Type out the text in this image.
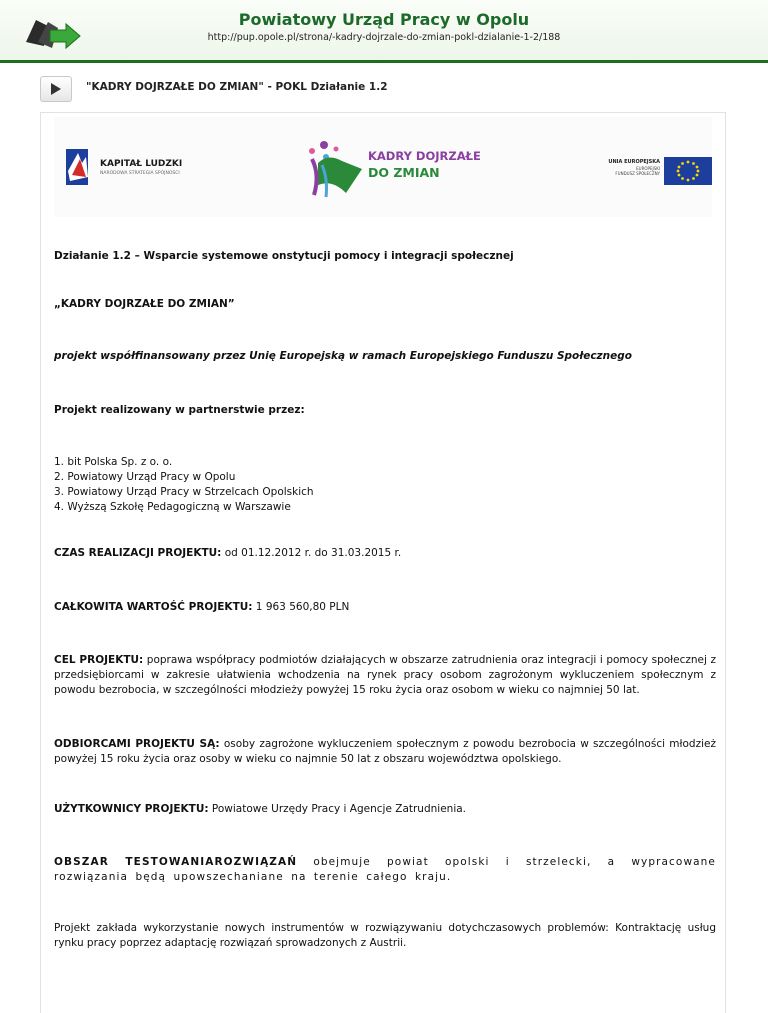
Powiatowy Urząd Pracy w Opolu
http://pup.opole.pl/strona/-kadry-dojrzale-do-zmian-pokl-dzialanie-1-2/188
"KADRY DOJRZAŁE DO ZMIAN" - POKL Działanie 1.2
KAPITAŁ LUDZKI
NARODOWA STRATEGIA SPÓJNOŚCI
KADRY DOJRZAŁE
DO ZMIAN
UNIA EUROPEJSKA
EUROPEJSKI
FUNDUSZ SPOŁECZNY
Działanie 1.2 – Wsparcie systemowe onstytucji pomocy i integracji społecznej
„KADRY DOJRZAŁE DO ZMIAN”
projekt współfinansowany przez Unię Europejską w ramach Europejskiego Funduszu Społecznego
Projekt realizowany w partnerstwie przez:
1. bit Polska Sp. z o. o.
2. Powiatowy Urząd Pracy w Opolu
3. Powiatowy Urząd Pracy w Strzelcach Opolskich
4. Wyższą Szkołę Pedagogiczną w Warszawie
CZAS REALIZACJI PROJEKTU: od 01.12.2012 r. do 31.03.2015 r.
CAŁKOWITA WARTOŚĆ PROJEKTU: 1 963 560,80 PLN
CEL PROJEKTU: poprawa współpracy podmiotów działających w obszarze zatrudnienia oraz integracji i pomocy społecznej z przedsiębiorcami w zakresie ułatwienia wchodzenia na rynek pracy osobom zagrożonym wykluczeniem społecznym z powodu bezrobocia, w szczególności młodzieży powyżej 15 roku życia oraz osobom w wieku co najmniej 50 lat.
ODBIORCAMI PROJEKTU SĄ: osoby zagrożone wykluczeniem społecznym z powodu bezrobocia w szczególności młodzież powyżej 15 roku życia oraz osoby w wieku co najmnie 50 lat z obszaru województwa opolskiego.
UŻYTKOWNICY PROJEKTU: Powiatowe Urzędy Pracy i Agencje Zatrudnienia.
OBSZAR TESTOWANIAROZWIĄZAŃ obejmuje powiat opolski i strzelecki, a wypracowane rozwiązania będą upowszechaniane na terenie całego kraju.
Projekt zakłada wykorzystanie nowych instrumentów w rozwiązywaniu dotychczasowych problemów: Kontraktację usług rynku pracy poprzez adaptację rozwiązań sprowadzonych z Austrii.
